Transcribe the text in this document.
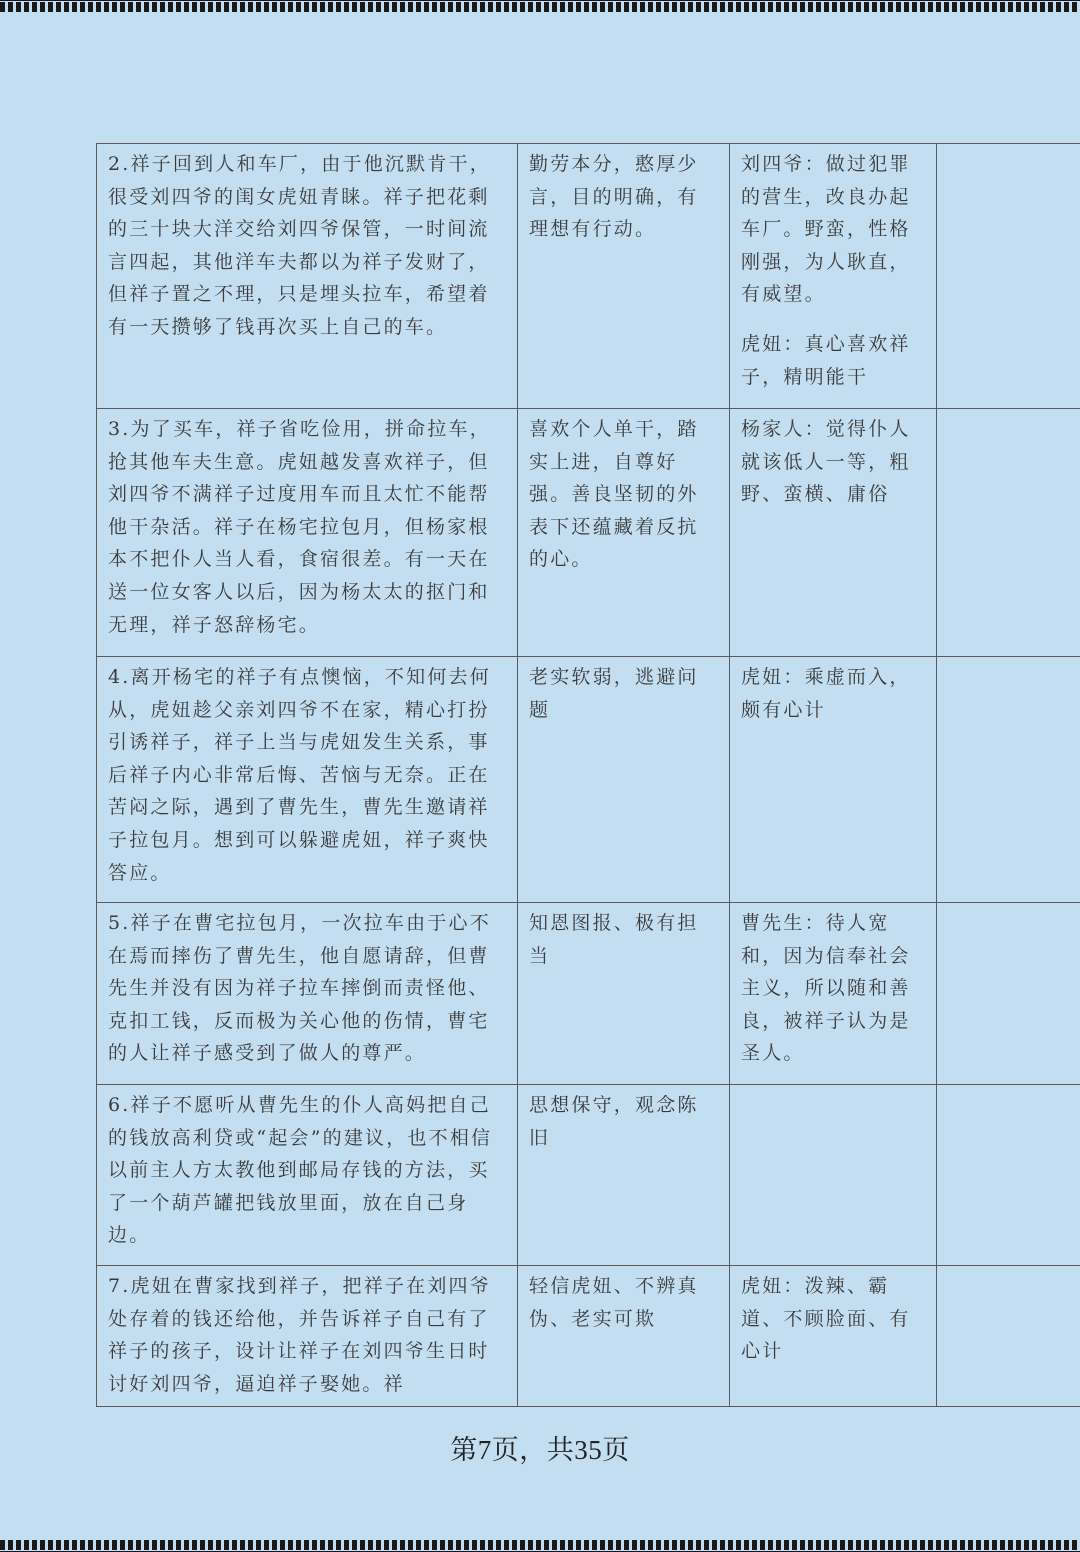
2.祥子回到人和车厂，由于他沉默肯干，很受刘四爷的闺女虎妞青睐。祥子把花剩的三十块大洋交给刘四爷保管，一时间流言四起，其他洋车夫都以为祥子发财了，但祥子置之不理，只是埋头拉车，希望着有一天攒够了钱再次买上自己的车。	勤劳本分，憨厚少言，目的明确，有理想有行动。	刘四爷：做过犯罪的营生，改良办起车厂。野蛮，性格刚强，为人耿直，有威望。
虎妞：真心喜欢祥子，精明能干	

3.为了买车，祥子省吃俭用，拼命拉车，抢其他车夫生意。虎妞越发喜欢祥子，但刘四爷不满祥子过度用车而且太忙不能帮他干杂活。祥子在杨宅拉包月，但杨家根本不把仆人当人看，食宿很差。有一天在送一位女客人以后，因为杨太太的抠门和无理，祥子怒辞杨宅。	喜欢个人单干，踏实上进，自尊好强。善良坚韧的外表下还蕴藏着反抗的心。	杨家人：觉得仆人就该低人一等，粗野、蛮横、庸俗	

4.离开杨宅的祥子有点懊恼，不知何去何从，虎妞趁父亲刘四爷不在家，精心打扮引诱祥子，祥子上当与虎妞发生关系，事后祥子内心非常后悔、苦恼与无奈。正在苦闷之际，遇到了曹先生，曹先生邀请祥子拉包月。想到可以躲避虎妞，祥子爽快答应。	老实软弱，逃避问题	虎妞：乘虚而入，颇有心计	

5.祥子在曹宅拉包月，一次拉车由于心不在焉而摔伤了曹先生，他自愿请辞，但曹先生并没有因为祥子拉车摔倒而责怪他、克扣工钱，反而极为关心他的伤情，曹宅的人让祥子感受到了做人的尊严。	知恩图报、极有担当	曹先生：待人宽和，因为信奉社会主义，所以随和善良，被祥子认为是圣人。	

6.祥子不愿听从曹先生的仆人高妈把自己的钱放高利贷或“起会”的建议，也不相信以前主人方太教他到邮局存钱的方法，买了一个葫芦罐把钱放里面，放在自己身边。	思想保守，观念陈旧		
7.虎妞在曹家找到祥子，把祥子在刘四爷处存着的钱还给他，并告诉祥子自己有了祥子的孩子，设计让祥子在刘四爷生日时讨好刘四爷，逼迫祥子娶她。祥	轻信虎妞、不辨真伪、老实可欺	虎妞：泼辣、霸道、不顾脸面、有心计	

第7页，共35页
